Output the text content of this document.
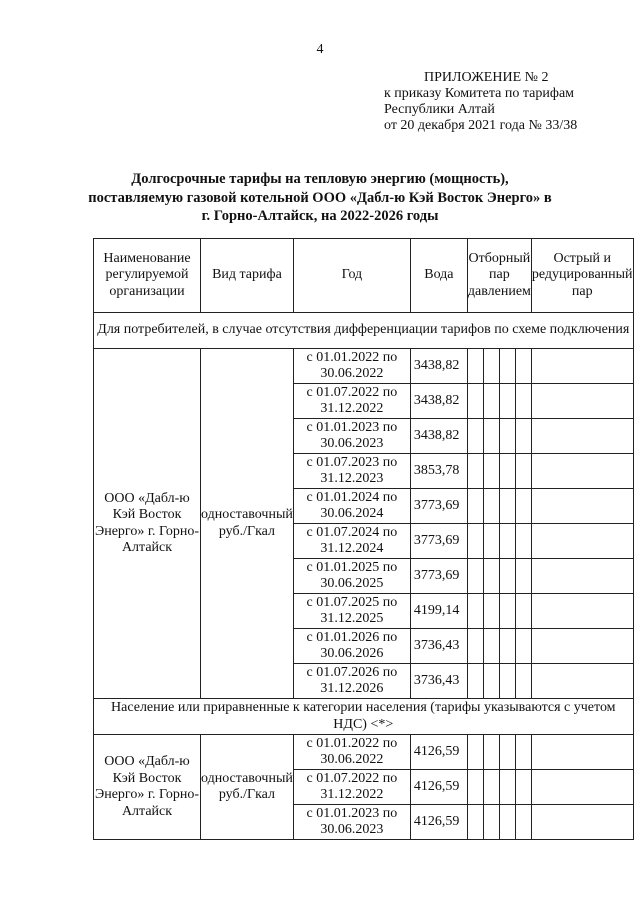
4
ПРИЛОЖЕНИЕ № 2
к приказу Комитета по тарифам
Республики Алтай
от 20 декабря 2021 года № 33/38
Долгосрочные тарифы на тепловую энергию (мощность),
поставляемую газовой котельной ООО «Дабл-ю Кэй Восток Энерго» в
г. Горно-Алтайск, на 2022-2026 годы
Наименование регулируемой организации	Вид тарифа	Год	Вода	Отборный пар давлением				Острый и редуцированный пар
Для потребителей, в случае отсутствия дифференциации тарифов по схеме подключения								
ООО «Дабл-ю Кэй Восток Энерго» г. Горно-Алтайск	одноставочный руб./Гкал	с 01.01.2022 по 30.06.2022	3438,82					
		с 01.07.2022 по 31.12.2022	3438,82					
		с 01.01.2023 по 30.06.2023	3438,82					
		с 01.07.2023 по 31.12.2023	3853,78					
		с 01.01.2024 по 30.06.2024	3773,69					
		с 01.07.2024 по 31.12.2024	3773,69					
		с 01.01.2025 по 30.06.2025	3773,69					
		с 01.07.2025 по 31.12.2025	4199,14					
		с 01.01.2026 по 30.06.2026	3736,43					
		с 01.07.2026 по 31.12.2026	3736,43					
Население или приравненные к категории населения (тарифы указываются с учетом НДС) <*>								
ООО «Дабл-ю Кэй Восток Энерго» г. Горно-Алтайск	одноставочный руб./Гкал	с 01.01.2022 по 30.06.2022	4126,59					
		с 01.07.2022 по 31.12.2022	4126,59					
		с 01.01.2023 по 30.06.2023	4126,59					
